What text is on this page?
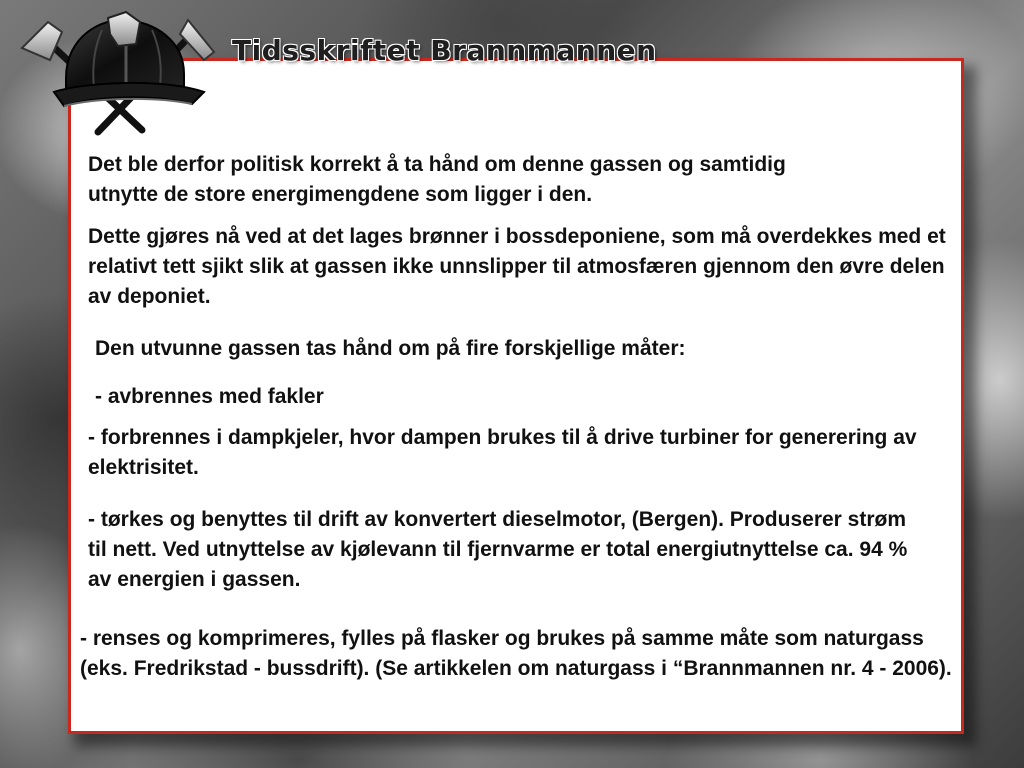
Tidsskriftet Brannmannen

Det ble derfor politisk korrekt å ta hånd om denne gassen og samtidig utnytte de store energimengdene som ligger i den.

Dette gjøres nå ved at det lages brønner i bossdeponiene, som må overdekkes med et relativt tett sjikt slik at gassen ikke unnslipper til atmosfæren gjennom den øvre delen av deponiet.

Den utvunne gassen tas hånd om på fire forskjellige måter:

- avbrennes med fakler

- forbrennes i dampkjeler, hvor dampen brukes til å drive turbiner for generering av elektrisitet.

- tørkes og benyttes til drift av konvertert dieselmotor, (Bergen). Produserer strøm til nett. Ved utnyttelse av kjølevann til fjernvarme er total energiutnyttelse ca. 94 % av energien i gassen.

- renses og komprimeres, fylles på flasker og brukes på samme måte som naturgass (eks. Fredrikstad - bussdrift). (Se artikkelen om naturgass i “Brannmannen nr. 4 - 2006).
